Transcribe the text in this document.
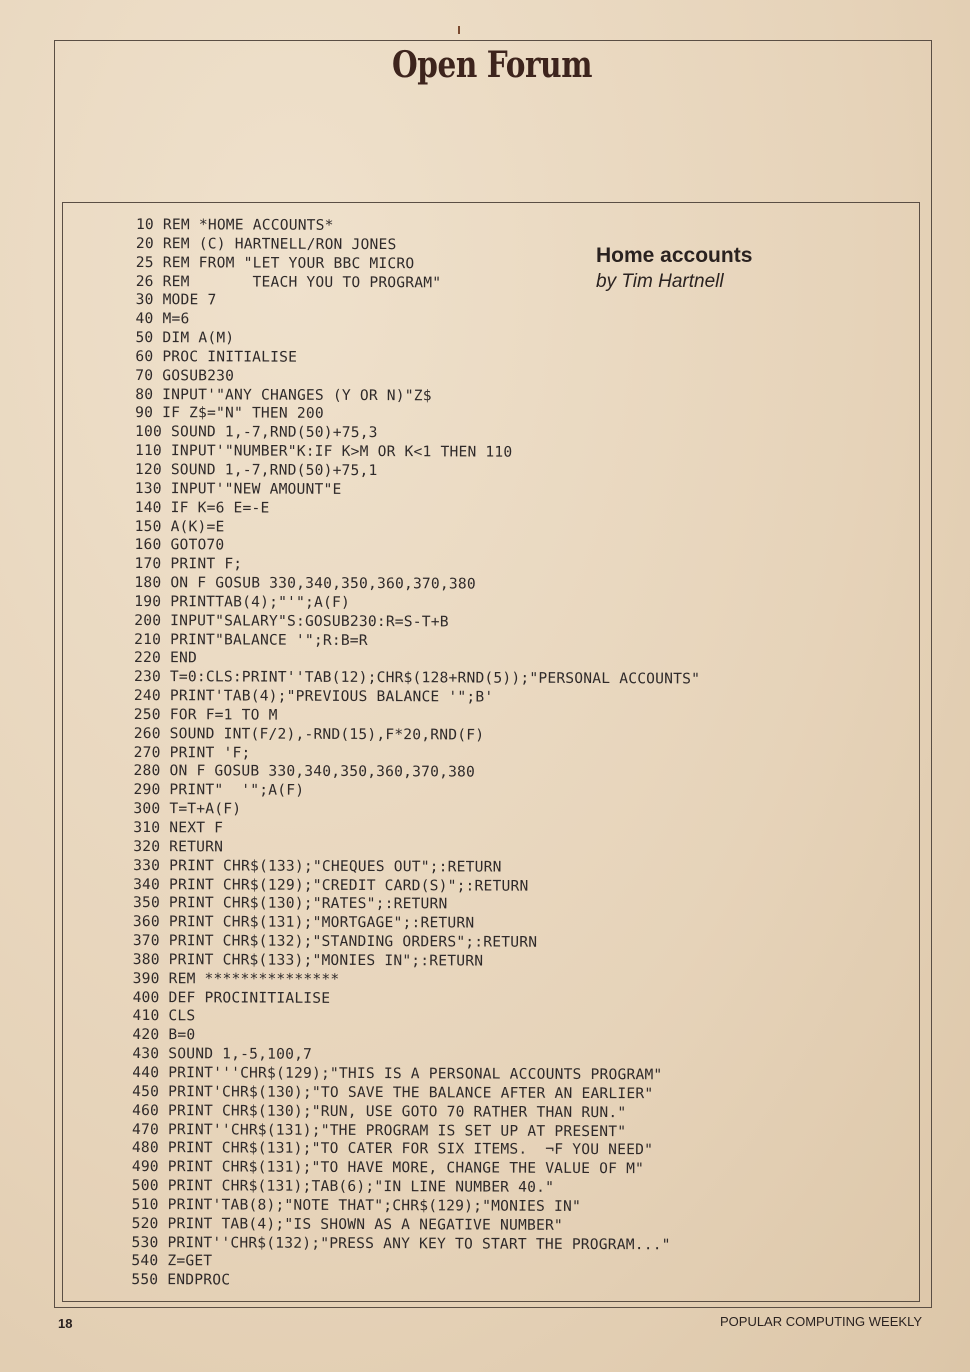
Open Forum
Home accounts
by Tim Hartnell
10 REM *HOME ACCOUNTS*
20 REM (C) HARTNELL/RON JONES
25 REM FROM "LET YOUR BBC MICRO
26 REM       TEACH YOU TO PROGRAM"
30 MODE 7
40 M=6
50 DIM A(M)
60 PROC INITIALISE
70 GOSUB230
80 INPUT'"ANY CHANGES (Y OR N)"Z$
90 IF Z$="N" THEN 200
100 SOUND 1,-7,RND(50)+75,3
110 INPUT'"NUMBER"K:IF K>M OR K<1 THEN 110
120 SOUND 1,-7,RND(50)+75,1
130 INPUT'"NEW AMOUNT"E
140 IF K=6 E=-E
150 A(K)=E
160 GOTO70
170 PRINT F;
180 ON F GOSUB 330,340,350,360,370,380
190 PRINTTAB(4);"'";A(F)
200 INPUT"SALARY"S:GOSUB230:R=S-T+B
210 PRINT"BALANCE '";R:B=R
220 END
230 T=0:CLS:PRINT''TAB(12);CHR$(128+RND(5));"PERSONAL ACCOUNTS"
240 PRINT'TAB(4);"PREVIOUS BALANCE '";B'
250 FOR F=1 TO M
260 SOUND INT(F/2),-RND(15),F*20,RND(F)
270 PRINT 'F;
280 ON F GOSUB 330,340,350,360,370,380
290 PRINT"  '";A(F)
300 T=T+A(F)
310 NEXT F
320 RETURN
330 PRINT CHR$(133);"CHEQUES OUT";:RETURN
340 PRINT CHR$(129);"CREDIT CARD(S)";:RETURN
350 PRINT CHR$(130);"RATES";:RETURN
360 PRINT CHR$(131);"MORTGAGE";:RETURN
370 PRINT CHR$(132);"STANDING ORDERS";:RETURN
380 PRINT CHR$(133);"MONIES IN";:RETURN
390 REM ***************
400 DEF PROCINITIALISE
410 CLS
420 B=0
430 SOUND 1,-5,100,7
440 PRINT'''CHR$(129);"THIS IS A PERSONAL ACCOUNTS PROGRAM"
450 PRINT'CHR$(130);"TO SAVE THE BALANCE AFTER AN EARLIER"
460 PRINT CHR$(130);"RUN, USE GOTO 70 RATHER THAN RUN."
470 PRINT''CHR$(131);"THE PROGRAM IS SET UP AT PRESENT"
480 PRINT CHR$(131);"TO CATER FOR SIX ITEMS.  ¬F YOU NEED"
490 PRINT CHR$(131);"TO HAVE MORE, CHANGE THE VALUE OF M"
500 PRINT CHR$(131);TAB(6);"IN LINE NUMBER 40."
510 PRINT'TAB(8);"NOTE THAT";CHR$(129);"MONIES IN"
520 PRINT TAB(4);"IS SHOWN AS A NEGATIVE NUMBER"
530 PRINT''CHR$(132);"PRESS ANY KEY TO START THE PROGRAM..."
540 Z=GET
550 ENDPROC
18	POPULAR COMPUTING WEEKLY
